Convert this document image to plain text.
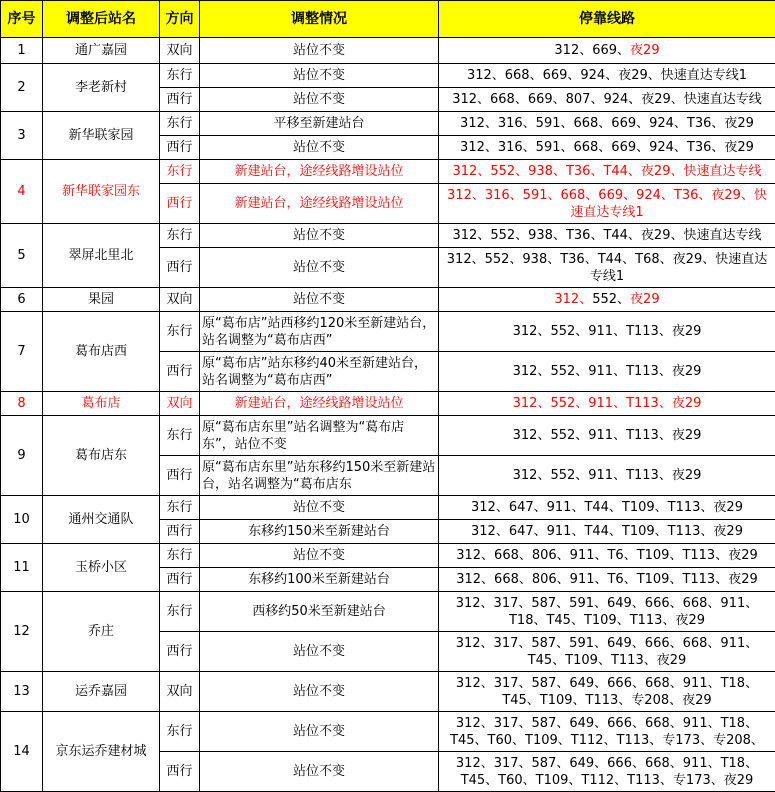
序号	调整后站名	方向	调整情况	停靠线路
1	通广嘉园	双向	站位不变	312、669、夜29
2	李老新村	东行	站位不变	312、668、669、924、夜29、快速直达专线1
		西行	站位不变	312、668、669、807、924、夜29、快速直达专线
3	新华联家园	东行	平移至新建站台	312、316、591、668、669、924、T36、夜29
		西行	站位不变	312、316、591、668、669、924、T36、夜29
4	新华联家园东	东行	新建站台，途经线路增设站位	312、552、938、T36、T44、夜29、快速直达专线
		西行	新建站台，途经线路增设站位	312、316、591、668、669、924、T36、夜29、快速直达专线1
5	翠屏北里北	东行	站位不变	312、552、938、T36、T44、夜29、快速直达专线
		西行	站位不变	312、552、938、T36、T44、T68、夜29、快速直达专线1
6	果园	双向	站位不变	312、552、夜29
7	葛布店西	东行	原“葛布店”站西移约120米至新建站台，站名调整为“葛布店西”	312、552、911、T113、夜29
		西行	原“葛布店”站东移约40米至新建站台，站名调整为“葛布店西”	312、552、911、T113、夜29
8	葛布店	双向	新建站台，途经线路增设站位	312、552、911、T113、夜29
9	葛布店东	东行	原“葛布店东里”站名调整为“葛布店东”，站位不变	312、552、911、T113、夜29
		西行	原“葛布店东里”站东移约150米至新建站台，站名调整为“葛布店东	312、552、911、T113、夜29
10	通州交通队	东行	站位不变	312、647、911、T44、T109、T113、夜29
		西行	东移约150米至新建站台	312、647、911、T44、T109、T113、夜29
11	玉桥小区	东行	站位不变	312、668、806、911、T6、T109、T113、夜29
		西行	东移约100米至新建站台	312、668、806、911、T6、T109、T113、夜29
12	乔庄	东行	西移约50米至新建站台	312、317、587、591、649、666、668、911、T18、T45、T109、T113、夜29
		西行	站位不变	312、317、587、591、649、666、668、911、T45、T109、T113、夜29
13	运乔嘉园	双向	站位不变	312、317、587、649、666、668、911、T18、T45、T109、T113、专208、夜29
14	京东运乔建材城	东行	站位不变	312、317、587、649、666、668、911、T18、T45、T60、T109、T112、T113、专173、专208、
		西行	站位不变	312、317、587、649、666、668、911、T18、T45、T60、T109、T112、T113、专173、夜29
